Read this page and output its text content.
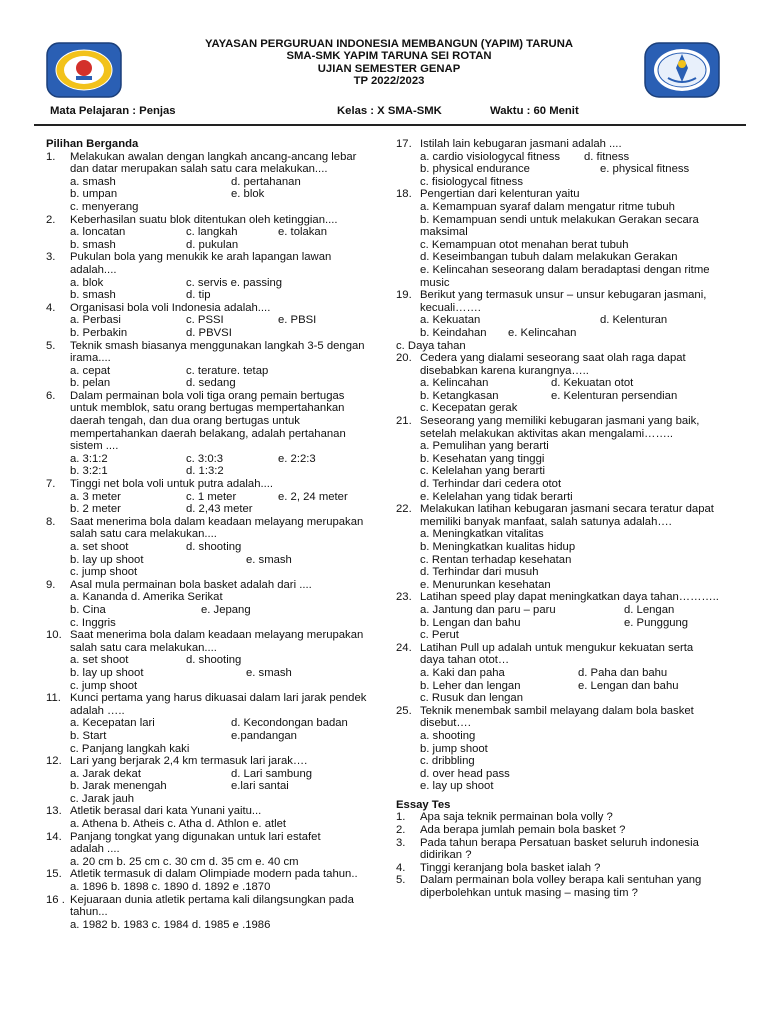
YAYASAN PERGURUAN INDONESIA MEMBANGUN (YAPIM) TARUNA
SMA-SMK YAPIM TARUNA SEI ROTAN
UJIAN SEMESTER GENAP
TP 2022/2023
Mata Pelajaran : Penjas	Kelas : X SMA-SMK	Waktu : 60 Menit
Pilihan Berganda
1. Melakukan awalan dengan langkah ancang-ancang lebar
dan datar merupakan salah satu cara melakukan....
a. smash	d. pertahanan
b. umpan	e. blok
c. menyerang
2. Keberhasilan suatu blok ditentukan oleh ketinggian....
a. loncatan	c. langkah	e. tolakan
b. smash	d. pukulan
3. Pukulan bola yang menukik ke arah lapangan lawan
adalah....
a. blok	c. servis e. passing
b. smash	d. tip
4. Organisasi bola voli Indonesia adalah....
a. Perbasi	c. PSSI	e. PBSI
b. Perbakin	d. PBVSI
5. Teknik smash biasanya menggunakan langkah 3-5 dengan
irama....
a. cepat	c. terature. tetap
b. pelan	d. sedang
6. Dalam permainan bola voli tiga orang pemain bertugas
untuk memblok, satu orang bertugas mempertahankan
daerah tengah, dan dua orang bertugas untuk
mempertahankan daerah belakang, adalah pertahanan
sistem ....
a. 3:1:2	c. 3:0:3	e. 2:2:3
b. 3:2:1	d. 1:3:2
7. Tinggi net bola voli untuk putra adalah....
a. 3 meter	c. 1 meter	e. 2, 24 meter
b. 2 meter	d. 2,43 meter
8. Saat menerima bola dalam keadaan melayang merupakan
salah satu cara melakukan....
a. set shoot	d. shooting
b. lay up shoot	e. smash
c. jump shoot
9. Asal mula permainan bola basket adalah dari ....
a. Kananda d. Amerika Serikat
b. Cina	e. Jepang
c. Inggris
10. Saat menerima bola dalam keadaan melayang merupakan
salah satu cara melakukan....
a. set shoot	d. shooting
b. lay up shoot	e. smash
c. jump shoot
11. Kunci pertama yang harus dikuasai dalam lari jarak pendek
adalah …..
a. Kecepatan lari	d. Kecondongan badan
b. Start	e.pandangan
c. Panjang langkah kaki
12. Lari yang berjarak 2,4 km termasuk lari jarak….
a. Jarak dekat	d. Lari sambung
b. Jarak menengah	e.lari santai
c. Jarak jauh
13. Atletik berasal dari kata Yunani yaitu...
a. Athena b. Atheis c. Atha d. Athlon e. atlet
14. Panjang tongkat yang digunakan untuk lari estafet
adalah ....
a. 20 cm b. 25 cm c. 30 cm d. 35 cm e. 40 cm
15. Atletik termasuk di dalam Olimpiade modern pada tahun..
a. 1896 b. 1898 c. 1890 d. 1892 e .1870
16 . Kejuaraan dunia atletik pertama kali dilangsungkan pada
tahun...
a. 1982 b. 1983 c. 1984 d. 1985 e .1986
17. Istilah lain kebugaran jasmani adalah ....
a. cardio visiologycal fitness d. fitness
b. physical endurance	e. physical fitness
c. fisiologycal fitness
18. Pengertian dari kelenturan yaitu
a. Kemampuan syaraf dalam mengatur ritme tubuh
b. Kemampuan sendi untuk melakukan Gerakan secara
maksimal
c. Kemampuan otot menahan berat tubuh
d. Keseimbangan tubuh dalam melakukan Gerakan
e. Kelincahan seseorang dalam beradaptasi dengan ritme
music
19. Berikut yang termasuk unsur – unsur kebugaran jasmani,
kecuali…….
a. Kekuatan	d. Kelenturan
b. Keindahan e. Kelincahan
c. Daya tahan
20. Cedera yang dialami seseorang saat olah raga dapat
disebabkan karena kurangnya…..
a. Kelincahan	d. Kekuatan otot
b. Ketangkasan	e. Kelenturan persendian
c. Kecepatan gerak
21. Seseorang yang memiliki kebugaran jasmani yang baik,
setelah melakukan aktivitas akan mengalami……..
a. Pemulihan yang berarti
b. Kesehatan yang tinggi
c. Kelelahan yang berarti
d. Terhindar dari cedera otot
e. Kelelahan yang tidak berarti
22. Melakukan latihan kebugaran jasmani secara teratur dapat
memiliki banyak manfaat, salah satunya adalah….
a. Meningkatkan vitalitas
b. Meningkatkan kualitas hidup
c. Rentan terhadap kesehatan
d. Terhindar dari musuh
e. Menurunkan kesehatan
23. Latihan speed play dapat meningkatkan daya tahan………..
a. Jantung dan paru – paru	d. Lengan
b. Lengan dan bahu	e. Punggung
c. Perut
24. Latihan Pull up adalah untuk mengukur kekuatan serta
daya tahan otot…
a. Kaki dan paha	d. Paha dan bahu
b. Leher dan lengan	e. Lengan dan bahu
c. Rusuk dan lengan
25. Teknik menembak sambil melayang dalam bola basket
disebut….
a. shooting
b. jump shoot
c. dribbling
d. over head pass
e. lay up shoot
Essay Tes
1. Apa saja teknik permainan bola volly ?
2. Ada berapa jumlah pemain bola basket ?
3. Pada tahun berapa Persatuan basket seluruh indonesia
didirikan ?
4. Tinggi keranjang bola basket ialah ?
5. Dalam permainan bola volley berapa kali sentuhan yang
diperbolehkan untuk masing – masing tim ?
